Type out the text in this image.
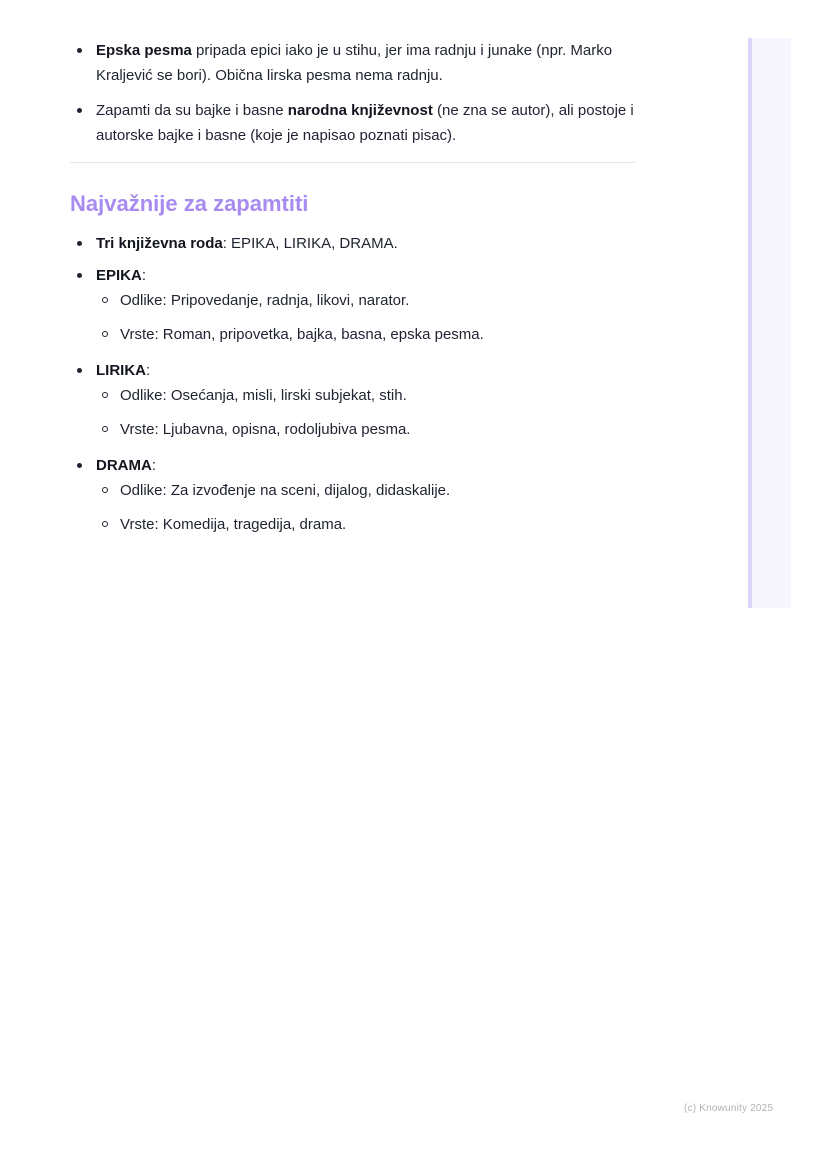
Epska pesma pripada epici iako je u stihu, jer ima radnju i junake (npr. Marko Kraljević se bori). Obična lirska pesma nema radnju.
Zapamti da su bajke i basne narodna književnost (ne zna se autor), ali postoje i autorske bajke i basne (koje je napisao poznati pisac).
Najvažnije za zapamtiti
Tri književna roda: EPIKA, LIRIKA, DRAMA.
EPIKA:
Odlike: Pripovedanje, radnja, likovi, narator.
Vrste: Roman, pripovetka, bajka, basna, epska pesma.
LIRIKA:
Odlike: Osećanja, misli, lirski subjekat, stih.
Vrste: Ljubavna, opisna, rodoljubiva pesma.
DRAMA:
Odlike: Za izvođenje na sceni, dijalog, didaskalije.
Vrste: Komedija, tragedija, drama.
(c) Knowunity 2025
